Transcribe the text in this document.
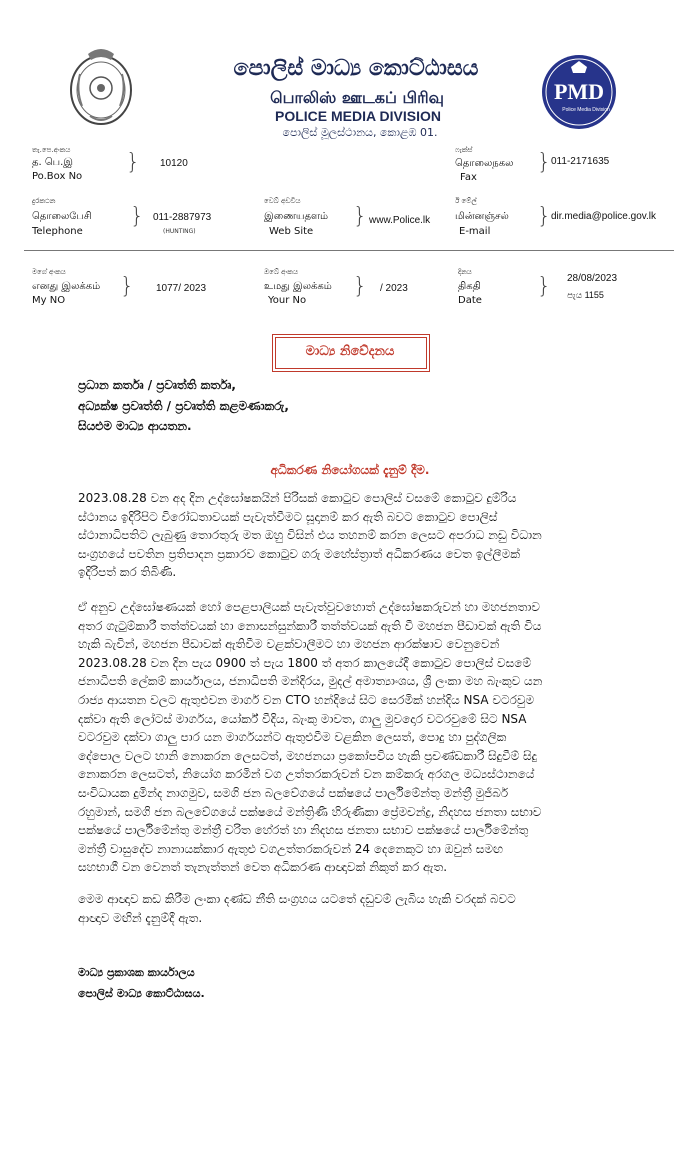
PMD
Police Media Division
පොලිස් මාධ්‍ය කොට්ඨාසය
பொலிஸ் ஊடகப் பிரிவு
POLICE MEDIA DIVISION
පොලිස් මූලස්ථානය, කොළඹ 01.
තැ.පෙ.අංකය
த. பெ.இ
Po.Box No
} 10120
ෆැක්ස්
தொலைநகல
Fax
} 011-2171635
දුරකථන
தொலைபேசி
Telephone
} 011-2887973
(HUNTING)
වෙබ් අඩවිය
இணையதளம்
Web Site
} www.Police.lk
ඊ මේල්
மின்னஞ்சல்
E-mail
} dir.media@police.gov.lk
මගේ අංකය
எனது இலக்கம்
My NO
} 1077/ 2023
ඔබේ අංකය
உமது இலக்கம்
Your No
} / 2023
දිනය
திகதி
Date
} 28/08/2023
පැය 1155
මාධ්‍ය නිවේදනය
ප්‍රධාන කර්තෘ / ප්‍රවෘත්ති කර්තෘ,
අධ්‍යක්ෂ ප්‍රවෘත්ති / ප්‍රවෘත්ති කළමණාකරු,
සියළුම මාධ්‍ය ආයතන.
අධිකරණ නියෝගයක් දැනුම් දීම.
2023.08.28 වන අද දින උද්ඝෝෂකයින් පිරිසක් කොටුව පොලිස් වසමේ කොටුව දුම්රිය
ස්ථානය ඉදිරිපිට විරෝධතාවයක් පැවැත්වීමට සූදානම් කර ඇති බවට කොටුව පොලිස්
ස්ථානාධිපතිට ලැබුණු තොරතුරු මත ඔහු විසින් එය තහනම් කරන ලෙසට අපරාධ නඩු විධාන
සංග්‍රහයේ පවතින ප්‍රතිපාදන ප්‍රකාරව කොටුව ගරු මහේස්ත්‍රාත් අධිකරණය වෙත ඉල්ලීමක්
ඉදිරිපත් කර තිබිණි.
ඒ අනුව උද්ඝෝෂණයක් හෝ පෙළපාලියක් පැවැත්වුවහොත් උද්ඝෝෂකරුවන් හා මහජනතාව
අතර ගැටුම්කාරී තත්ත්වයක් හා නොසන්සුන්කාරී තත්ත්වයක් ඇති වී මහජන පීඩාවක් ඇති විය
හැකි බැවින්, මහජන පීඩාවක් ඇතිවීම වළක්වාලීමට හා මහජන ආරක්ෂාව වෙනුවෙන්
2023.08.28 වන දින පැය 0900 ත් පැය 1800 ත් අතර කාලයේදී කොටුව පොලිස් වසමේ
ජනාධිපති ලේකම් කාර්යාලය, ජනාධිපති මන්දිරය, මුදල් අමාත්‍යාංශය, ශ්‍රී ලංකා මහ බැංකුව යන
රාජ්‍ය ආයතන වලට ඇතුළුවන මාර්ග වන CTO හන්දියේ සිට සෙරමික් හන්දිය NSA වටරවුම
දක්වා ඇති ලෝටස් මාර්ගය, යෝර්ක් වීදිය, බැංකු මාවත, ගාලු මුවදොර වටරවුමේ සිට NSA
වටරවුම දක්වා ගාලු පාර යන මාර්ගයන්ට ඇතුළුවීම වළකින ලෙසත්, පොදු හා පුද්ගලික
දේපොල වලට හානි නොකරන ලෙසටත්, මහජනයා ප්‍රකෝපවිය හැකි ප්‍රචණ්ඩකාරී සිදුවීම් සිදු
නොකරන ලෙසටත්, නියෝග කරමින් වග උත්තරකරුවන් වන කම්කරු අරගල මධ්‍යස්ථානයේ
සංවිධායක දුමින්ද නාගමුව, සමගි ජන බලවේගයේ පක්ෂයේ පාර්ලිමේන්තු මන්ත්‍රී මුජිබර්
රහුමාන්, සමගි ජන බලවේගයේ පක්ෂයේ මන්ත්‍රිණී හිරුණිකා ප්‍රේමචන්ද්‍ර, නිදහස ජනතා සභාව
පක්ෂයේ පාර්ලිමේන්තු මන්ත්‍රී චරිත හේරත් හා නිදහස ජනතා සභාව පක්ෂයේ පාර්ලිමේන්තු
මන්ත්‍රී වාසුදේව නානායක්කාර ඇතුළු වගඋත්තරකරුවන් 24 දෙනෙකුට හා ඔවුන් සමඟ
සහභාගී වන වෙනත් තැනැත්තන් වෙත අධිකරණ ආඥාවක් නිකුත් කර ඇත.
මෙම ආඥාව කඩ කිරීම ලංකා දණ්ඩ නීති සංග්‍රහය යටතේ දඩුවම් ලැබිය හැකි වරදක් බවට
ආඥාව මඟින් දැනුම්දී ඇත.
මාධ්‍ය ප්‍රකාශක කාර්යාලය
පොලිස් මාධ්‍ය කොට්ඨාසය.
